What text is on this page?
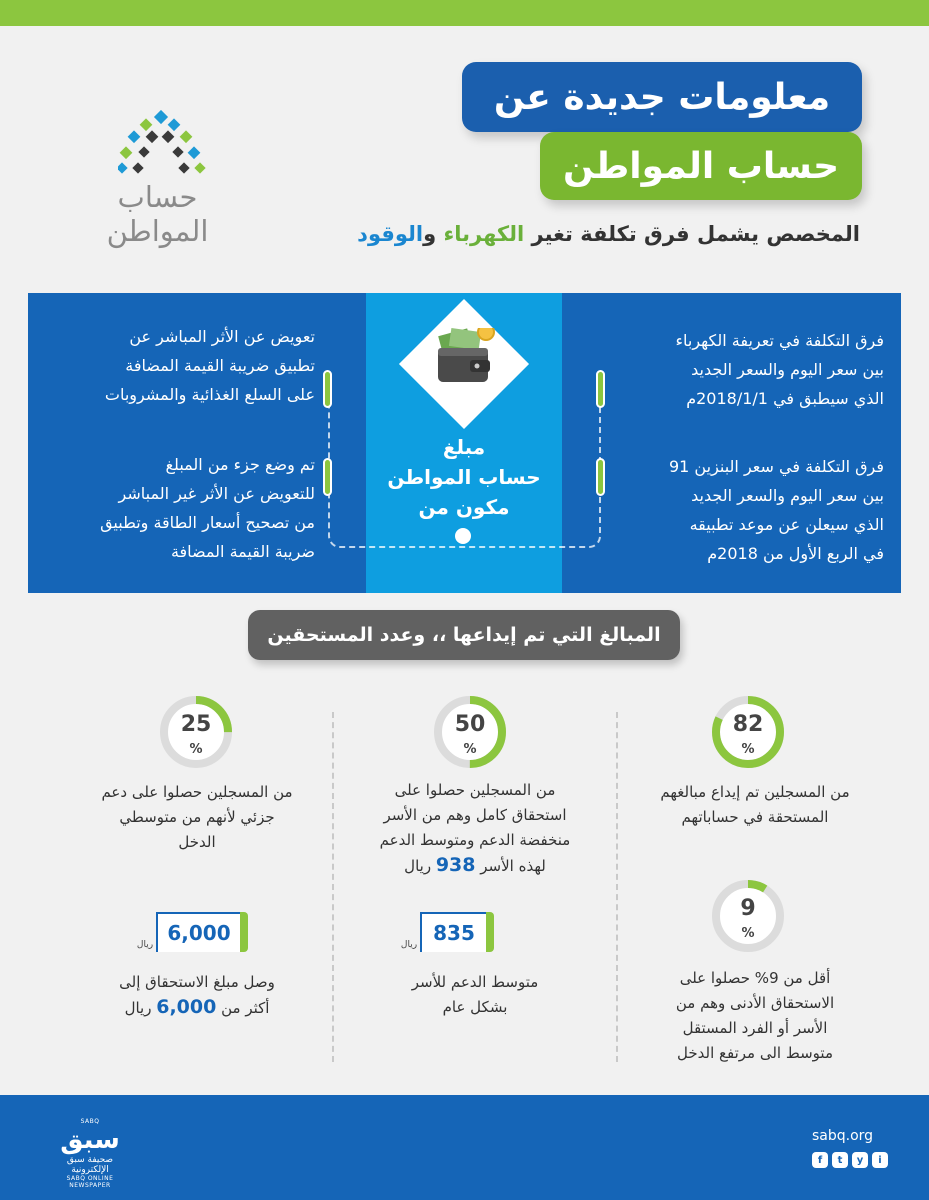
حساب المواطن
معلومات جديدة عن
حساب المواطن
المخصص يشمل فرق تكلفة تغير الكهرباء والوقود
مبلغ
حساب المواطن
مكون من
فرق التكلفة في تعريفة الكهرباء
بين سعر اليوم والسعر الجديد
الذي سيطبق في 2018/1/1م
فرق التكلفة في سعر البنزين 91
بين سعر اليوم والسعر الجديد
الذي سيعلن عن موعد تطبيقه
في الربع الأول من 2018م
تعويض عن الأثر المباشر عن
تطبيق ضريبة القيمة المضافة
على السلع الغذائية والمشروبات
تم وضع جزء من المبلغ
للتعويض عن الأثر غير المباشر
من تصحيح أسعار الطاقة وتطبيق
ضريبة القيمة المضافة
المبالغ التي تم إيداعها ،، وعدد المستحقين
82
%
من المسجلين تم إيداع مبالغهم
المستحقة في حساباتهم
50
%
من المسجلين حصلوا على
استحقاق كامل وهم من الأسر
منخفضة الدعم ومتوسط الدعم
لهذه الأسر 938 ريال
25
%
من المسجلين حصلوا على دعم
جزئي لأنهم من متوسطي
الدخل
9
%
أقل من 9% حصلوا على
الاستحقاق الأدنى وهم من
الأسر أو الفرد المستقل
متوسط الى مرتفع الدخل
ريال 835
متوسط الدعم للأسر
بشكل عام
ريال 6,000
وصل مبلغ الاستحقاق إلى
أكثر من 6,000 ريال
sabq.org
f	t	y	i
SABQ
سبق
صحيفة سبق الإلكترونية
SABQ ONLINE NEWSPAPER
